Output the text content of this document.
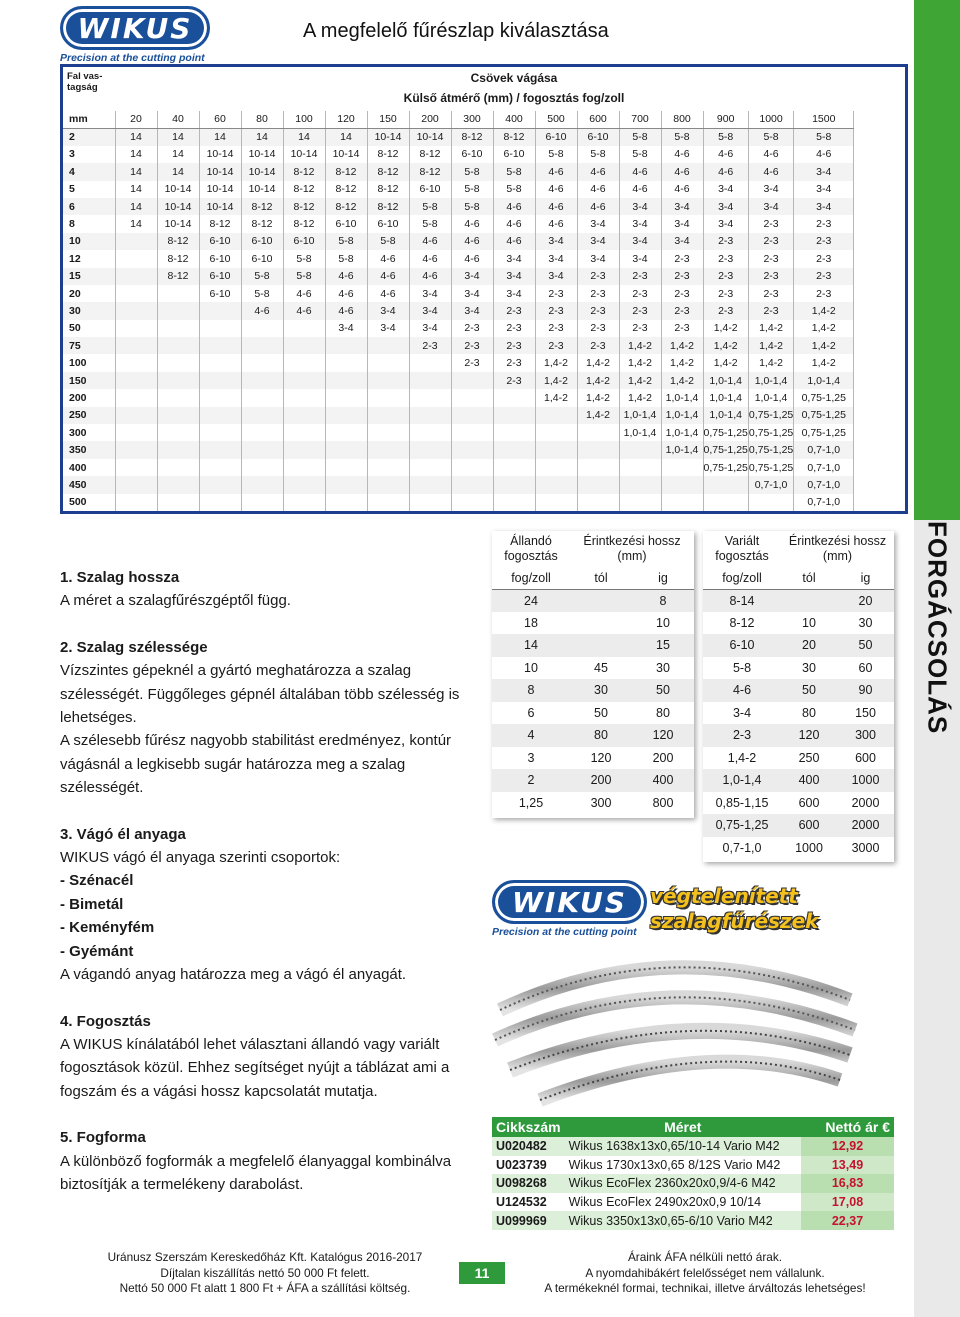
FORGÁCSOLÁS
WIKUS
Precision at the cutting point
A megfelelő fűrészlap kiválasztása
Fal vas-tagság
Csövek vágása
Külső átmérő (mm) / fogosztás fog/zoll
mm	20	40	60	80	100	120	150	200	300	400	500	600	700	800	900	1000	1500
2	14	14	14	14	14	14	10-14	10-14	8-12	8-12	6-10	6-10	5-8	5-8	5-8	5-8	5-8
3	14	14	10-14	10-14	10-14	10-14	8-12	8-12	6-10	6-10	5-8	5-8	5-8	4-6	4-6	4-6	4-6
4	14	14	10-14	10-14	8-12	8-12	8-12	8-12	5-8	5-8	4-6	4-6	4-6	4-6	4-6	4-6	3-4
5	14	10-14	10-14	10-14	8-12	8-12	8-12	6-10	5-8	5-8	4-6	4-6	4-6	4-6	3-4	3-4	3-4
6	14	10-14	10-14	8-12	8-12	8-12	8-12	5-8	5-8	4-6	4-6	4-6	3-4	3-4	3-4	3-4	3-4
8	14	10-14	8-12	8-12	8-12	6-10	6-10	5-8	4-6	4-6	4-6	3-4	3-4	3-4	3-4	2-3	2-3
10		8-12	6-10	6-10	6-10	5-8	5-8	4-6	4-6	4-6	3-4	3-4	3-4	3-4	2-3	2-3	2-3
12		8-12	6-10	6-10	5-8	5-8	4-6	4-6	4-6	3-4	3-4	3-4	3-4	2-3	2-3	2-3	2-3
15		8-12	6-10	5-8	5-8	4-6	4-6	4-6	3-4	3-4	3-4	2-3	2-3	2-3	2-3	2-3	2-3
20			6-10	5-8	4-6	4-6	4-6	3-4	3-4	3-4	2-3	2-3	2-3	2-3	2-3	2-3	2-3
30				4-6	4-6	4-6	3-4	3-4	3-4	2-3	2-3	2-3	2-3	2-3	2-3	2-3	1,4-2
50						3-4	3-4	3-4	2-3	2-3	2-3	2-3	2-3	2-3	1,4-2	1,4-2	1,4-2
75								2-3	2-3	2-3	2-3	2-3	1,4-2	1,4-2	1,4-2	1,4-2	1,4-2
100									2-3	2-3	1,4-2	1,4-2	1,4-2	1,4-2	1,4-2	1,4-2	1,4-2
150										2-3	1,4-2	1,4-2	1,4-2	1,4-2	1,0-1,4	1,0-1,4	1,0-1,4
200											1,4-2	1,4-2	1,4-2	1,0-1,4	1,0-1,4	1,0-1,4	0,75-1,25
250												1,4-2	1,0-1,4	1,0-1,4	1,0-1,4	0,75-1,25	0,75-1,25
300													1,0-1,4	1,0-1,4	0,75-1,25	0,75-1,25	0,75-1,25
350														1,0-1,4	0,75-1,25	0,75-1,25	0,7-1,0
400															0,75-1,25	0,75-1,25	0,7-1,0
450																0,7-1,0	0,7-1,0
500																	0,7-1,0
1. Szalag hossza

A méret a szalagfűrészgéptől függ.

2. Szalag szélessége

Vízszintes gépeknél a gyártó meghatározza a szalag szélességét. Függőleges gépnél általában több szélesség is lehetséges.

A szélesebb fűrész nagyobb stabilitást eredményez, kontúr vágásnál a legkisebb sugár határozza meg a szalag szélességét.

3. Vágó él anyaga

WIKUS vágó él anyaga szerinti csoportok:

- Szénacél

- Bimetál

- Keményfém

- Gyémánt

A vágandó anyag határozza meg a vágó él anyagát.

4. Fogosztás

A WIKUS kínálatából lehet választani állandó vagy variált fogosztások közül. Ehhez segítséget nyújt a táblázat ami a fogszám és a vágási hossz kapcsolatát mutatja.

5. Fogforma

A különböző fogformák a megfelelő élanyaggal kombinálva biztosítják a termelékeny darabolást.

Állandó fogosztás	Érintkezési hossz (mm)	
fog/zoll	tól	ig
24		8
18		10
14		15
10	45	30
8	30	50
6	50	80
4	80	120
3	120	200
2	200	400
1,25	300	800
Variált fogosztás	Érintkezési hossz (mm)	
fog/zoll	tól	ig
8-14		20
8-12	10	30
6-10	20	50
5-8	30	60
4-6	50	90
3-4	80	150
2-3	120	300
1,4-2	250	600
1,0-1,4	400	1000
0,85-1,15	600	2000
0,75-1,25	600	2000
0,7-1,0	1000	3000
WIKUS
Precision at the cutting point
végtelenített
szalagfűrészek
Cikkszám	Méret	Nettó ár €
U020482	Wikus 1638x13x0,65/10-14 Vario M42	12,92
U023739	Wikus 1730x13x0,65 8/12S Vario M42	13,49
U098268	Wikus EcoFlex 2360x20x0,9/4-6 M42	16,83
U124532	Wikus EcoFlex 2490x20x0,9 10/14	17,08
U099969	Wikus 3350x13x0,65-6/10 Vario M42	22,37
Uránusz Szerszám Kereskedőház Kft. Katalógus 2016-2017
Díjtalan kiszállítás nettó 50 000 Ft felett.
Nettó 50 000 Ft alatt 1 800 Ft + ÁFA a szállítási költség.
11
Áraink ÁFA nélküli nettó árak.
A nyomdahibákért felelősséget nem vállalunk.
A termékeknél formai, technikai, illetve árváltozás lehetséges!
